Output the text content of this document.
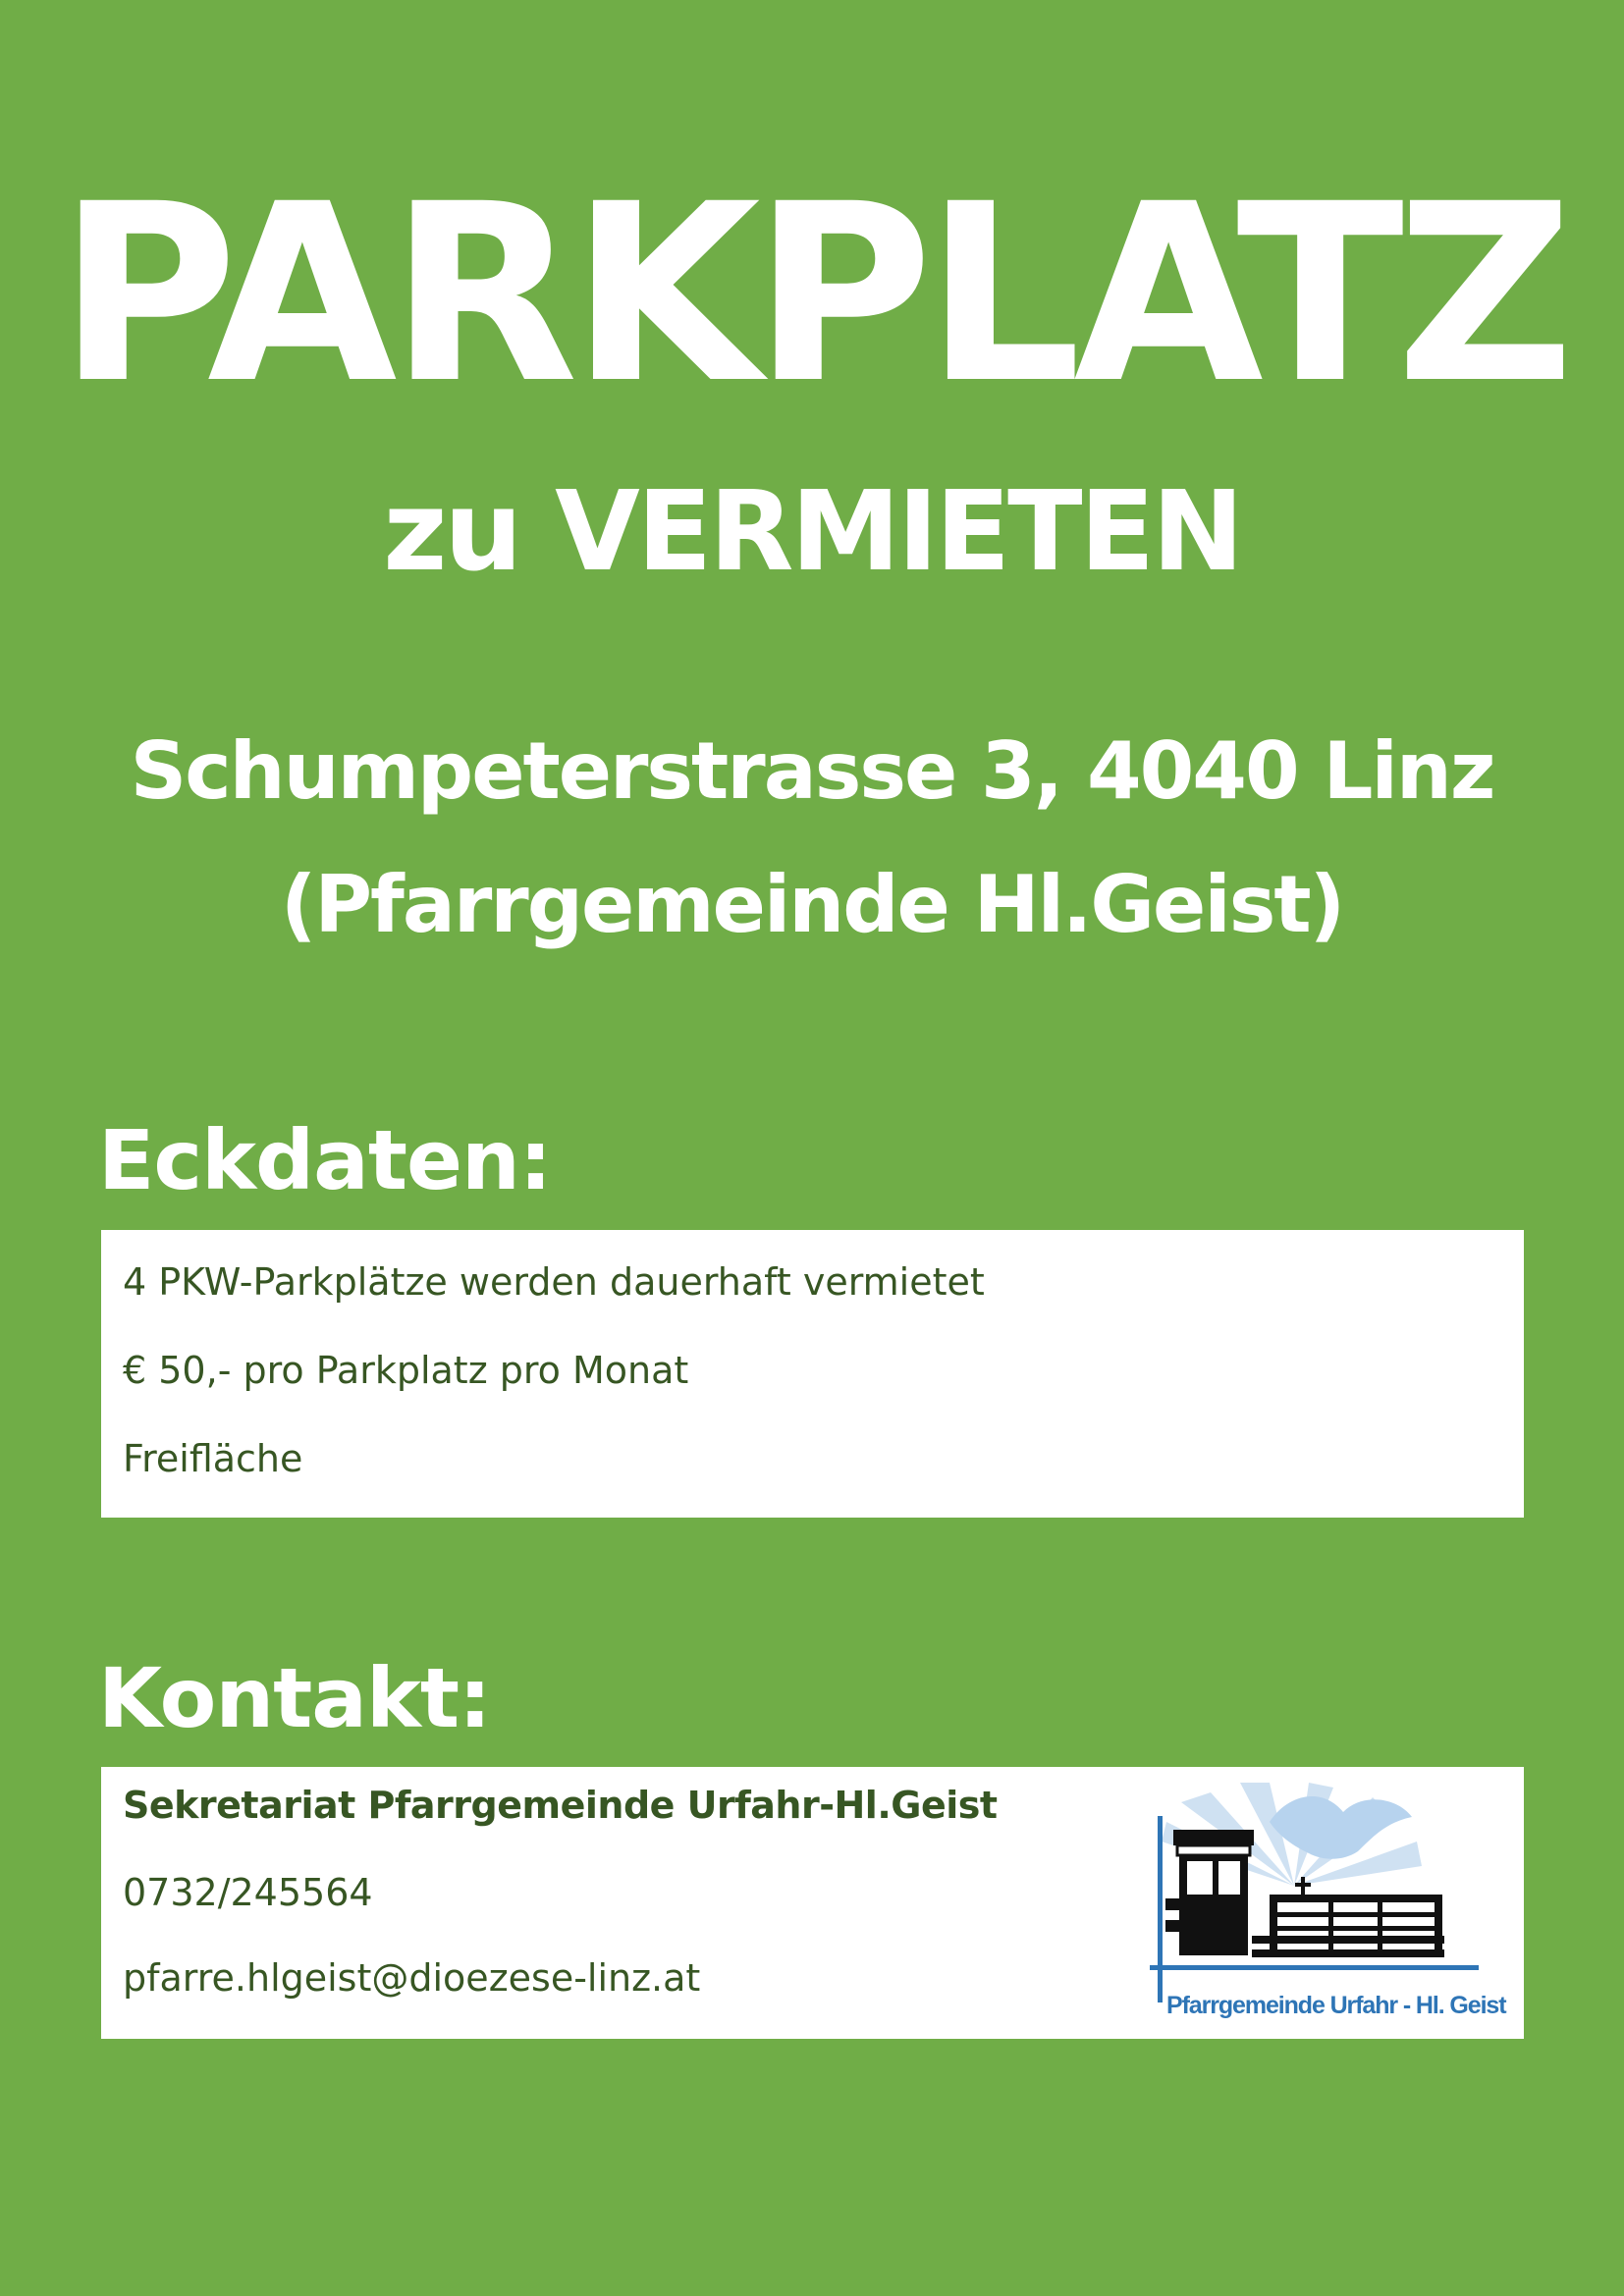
PARKPLATZ
zu VERMIETEN
Schumpeterstrasse 3, 4040 Linz
(Pfarrgemeinde Hl.Geist)
Eckdaten:
4 PKW-Parkplätze werden dauerhaft vermietet
€ 50,- pro Parkplatz pro Monat
Freifläche
Kontakt:
Sekretariat Pfarrgemeinde Urfahr-Hl.Geist
0732/245564
pfarre.hlgeist@dioezese-linz.at
Pfarrgemeinde Urfahr - Hl. Geist
